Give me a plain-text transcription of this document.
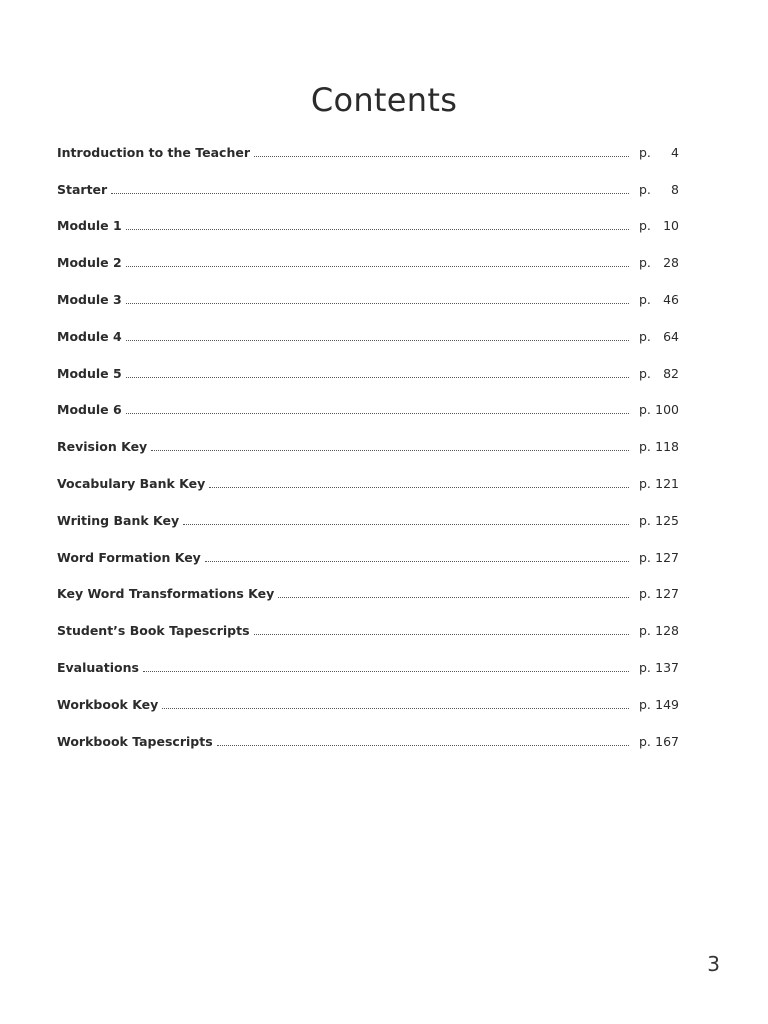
Contents
Introduction to the Teacher	p.	4
Starter	p.	8
Module 1	p. 10
Module 2	p. 28
Module 3	p. 46
Module 4	p. 64
Module 5	p. 82
Module 6	p. 100
Revision Key	p. 118
Vocabulary Bank Key	p. 121
Writing Bank Key	p. 125
Word Formation Key	p. 127
Key Word Transformations Key	p. 127
Student’s Book Tapescripts	p. 128
Evaluations	p. 137
Workbook Key	p. 149
Workbook Tapescripts	p. 167
3
